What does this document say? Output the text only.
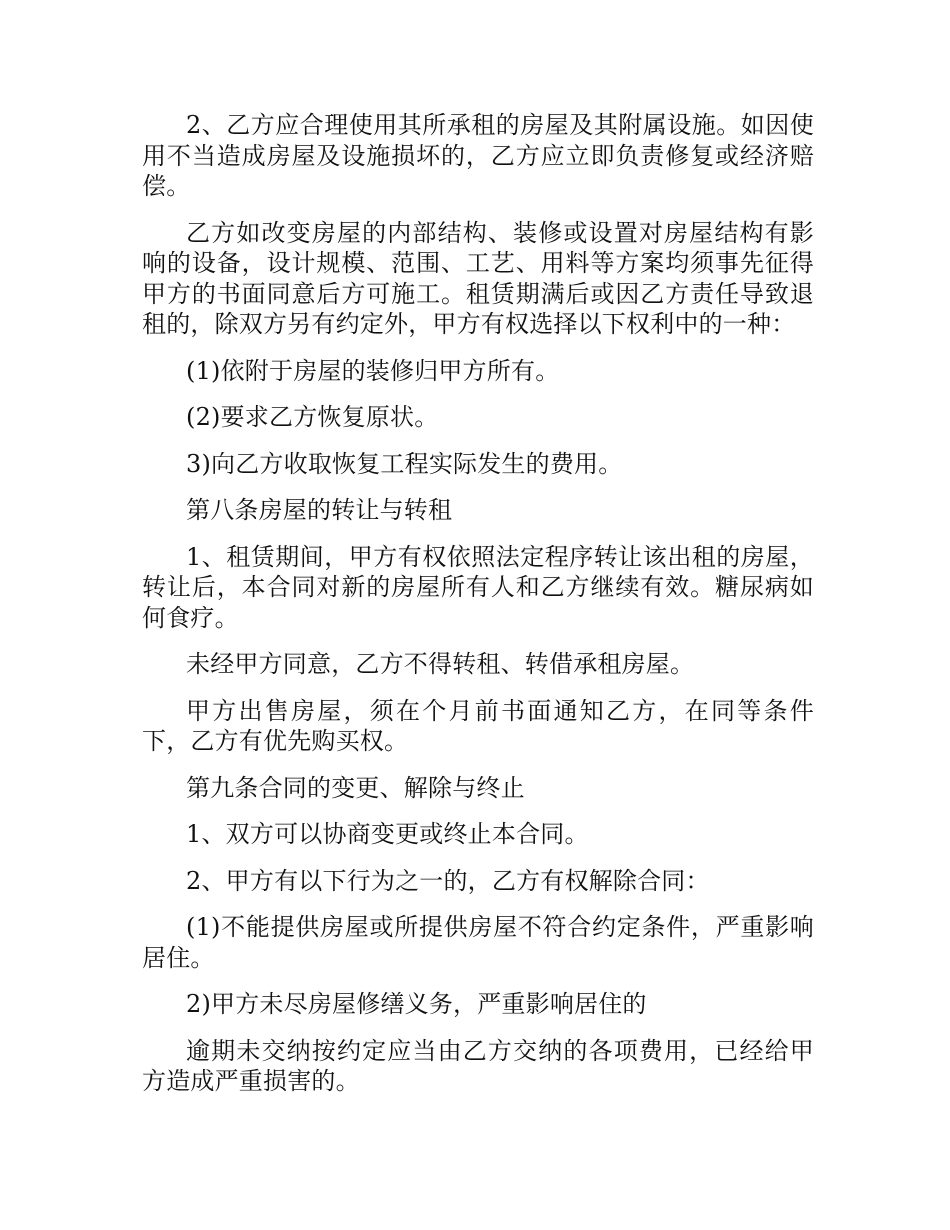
2、乙方应合理使用其所承租的房屋及其附属设施。如因使用不当造成房屋及设施损坏的，乙方应立即负责修复或经济赔偿。

乙方如改变房屋的内部结构、装修或设置对房屋结构有影响的设备，设计规模、范围、工艺、用料等方案均须事先征得甲方的书面同意后方可施工。租赁期满后或因乙方责任导致退租的，除双方另有约定外，甲方有权选择以下权利中的一种：

(1)依附于房屋的装修归甲方所有。

(2)要求乙方恢复原状。

3)向乙方收取恢复工程实际发生的费用。

第八条房屋的转让与转租

1、租赁期间，甲方有权依照法定程序转让该出租的房屋，转让后，本合同对新的房屋所有人和乙方继续有效。糖尿病如何食疗。

未经甲方同意，乙方不得转租、转借承租房屋。

甲方出售房屋，须在个月前书面通知乙方，在同等条件下，乙方有优先购买权。

第九条合同的变更、解除与终止

1、双方可以协商变更或终止本合同。

2、甲方有以下行为之一的，乙方有权解除合同：

(1)不能提供房屋或所提供房屋不符合约定条件，严重影响居住。

2)甲方未尽房屋修缮义务，严重影响居住的

逾期未交纳按约定应当由乙方交纳的各项费用，已经给甲方造成严重损害的。
